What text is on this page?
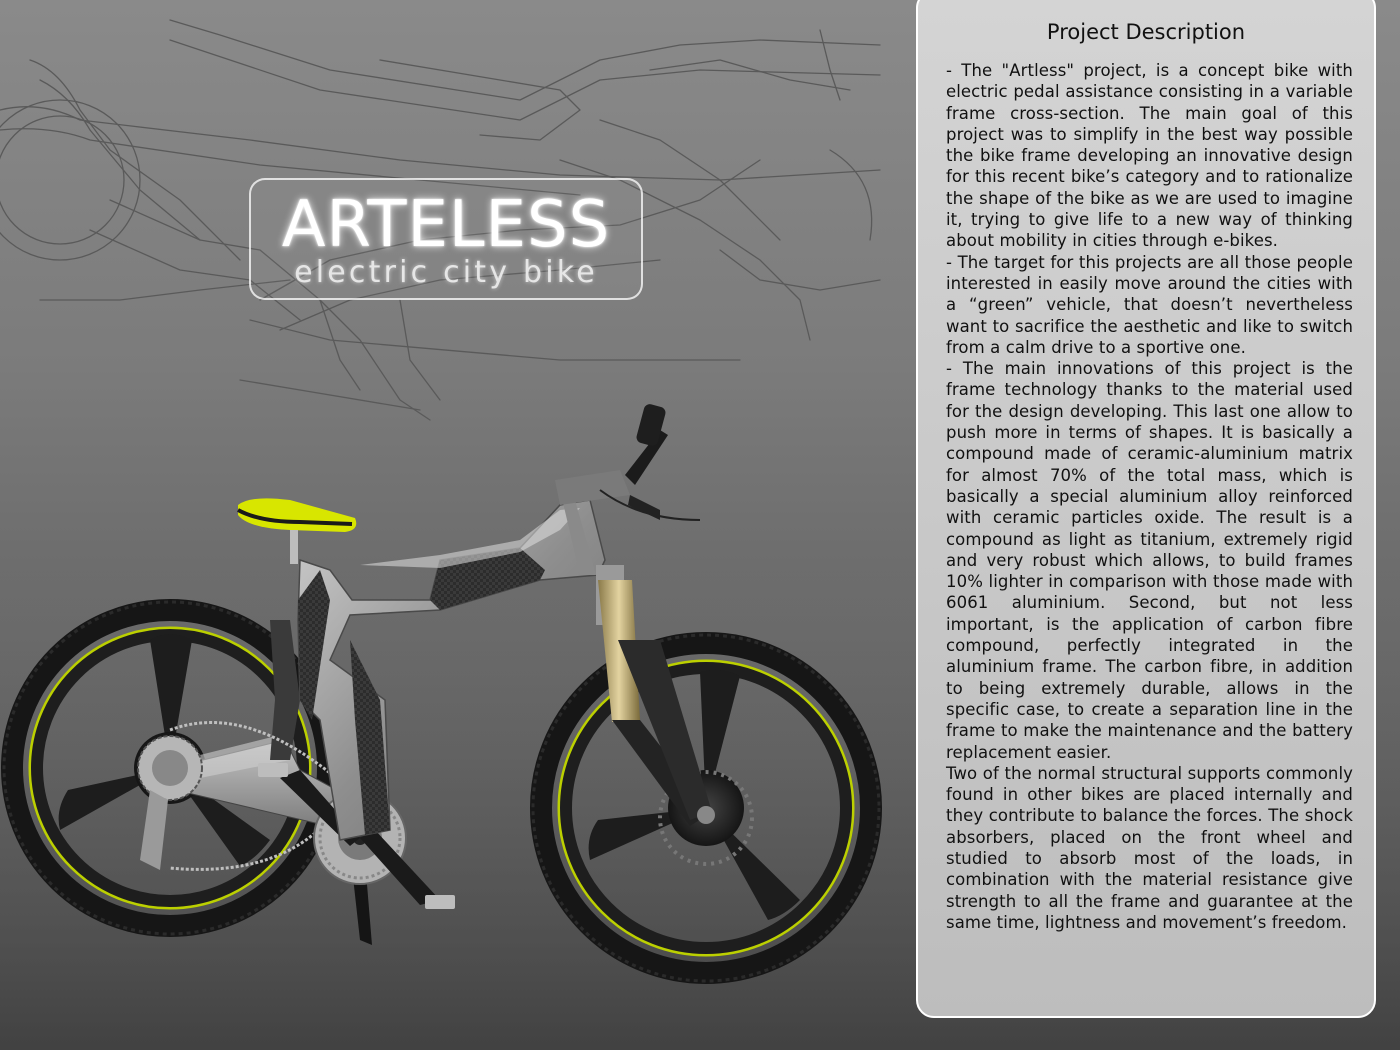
ARTELESS
electric city bike
Project Description

- The "Artless" project, is a concept bike with electric pedal assistance consisting in a variable frame cross-section. The main goal of this project was to simplify in the best way possible the bike frame developing an innovative design for this recent bike’s category and to rationalize the shape of the bike as we are used to imagine it, trying to give life to a new way of thinking about mobility in cities through e-bikes.

- The target for this projects are all those people interested in easily move around the cities with a “green” vehicle, that doesn’t nevertheless want to sacrifice the aesthetic and like to switch from a calm drive to a sportive one.

- The main innovations of this project is the frame technology thanks to the material used for the design developing. This last one allow to push more in terms of shapes. It is basically a compound made of ceramic-aluminium matrix for almost 70% of the total mass, which is basically a special aluminium alloy reinforced with ceramic particles oxide. The result is a compound as light as titanium, extremely rigid and very robust which allows, to build frames 10% lighter in comparison with those made with 6061 aluminium. Second, but not less important, is the application of carbon fibre compound, perfectly integrated in the aluminium frame. The carbon fibre, in addition to being extremely durable, allows in the specific case, to create a separation line in the frame to make the maintenance and the battery replacement easier.

Two of the normal structural supports commonly found in other bikes are placed internally and they contribute to balance the forces. The shock absorbers, placed on the front wheel and studied to absorb most of the loads, in combination with the material resistance give strength to all the frame and guarantee at the same time, lightness and movement’s freedom.
